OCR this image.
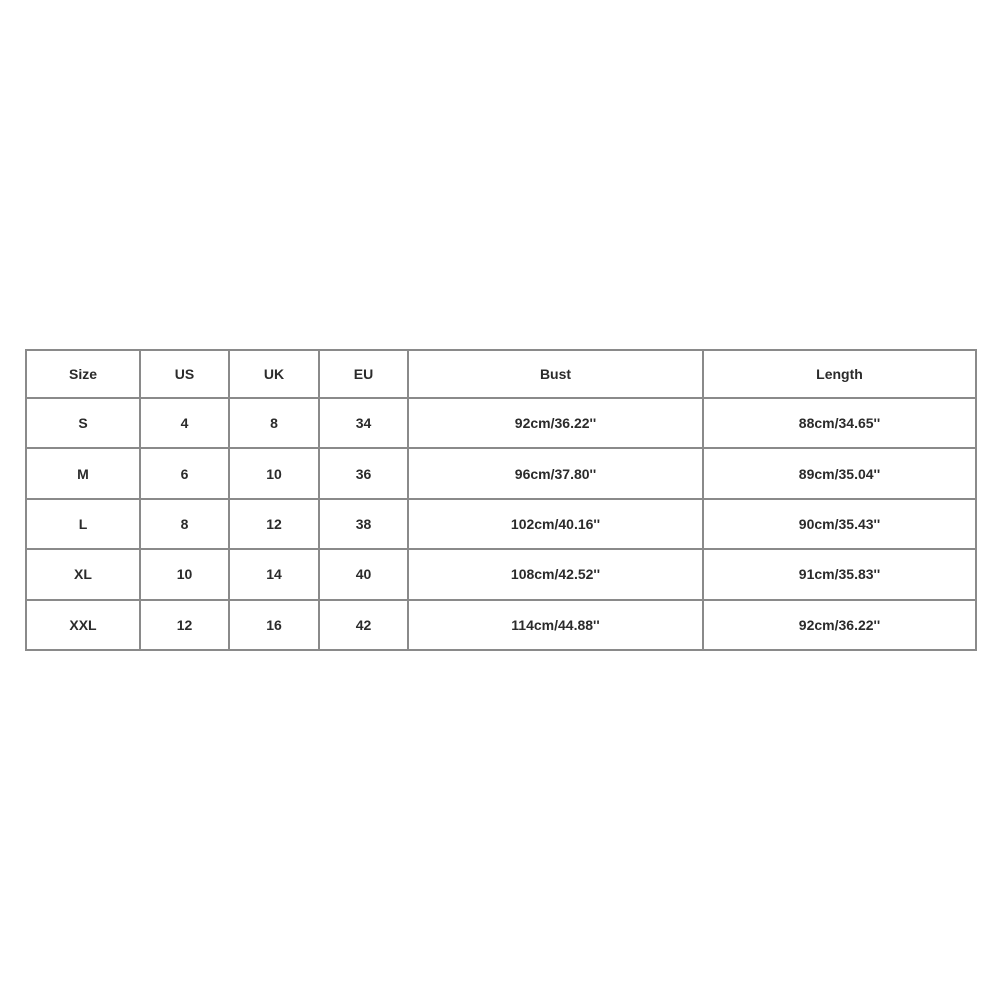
Size	US	UK	EU	Bust	Length
S	4	8	34	92cm/36.22''	88cm/34.65''
M	6	10	36	96cm/37.80''	89cm/35.04''
L	8	12	38	102cm/40.16''	90cm/35.43''
XL	10	14	40	108cm/42.52''	91cm/35.83''
XXL	12	16	42	114cm/44.88''	92cm/36.22''
